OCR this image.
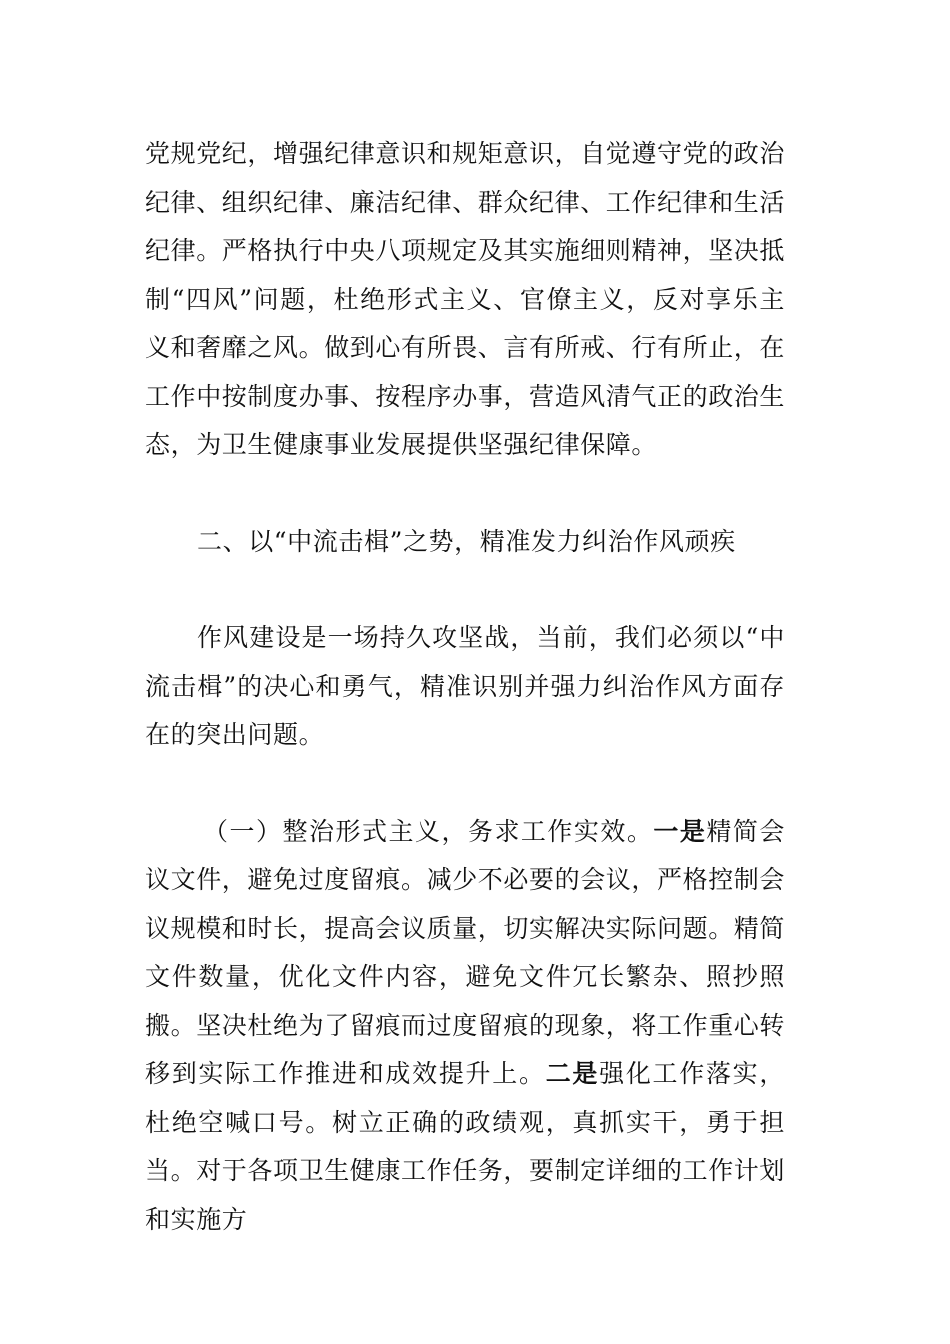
党规党纪，增强纪律意识和规矩意识，自觉遵守党的政治纪律、组织纪律、廉洁纪律、群众纪律、工作纪律和生活纪律。严格执行中央八项规定及其实施细则精神，坚决抵制“四风”问题，杜绝形式主义、官僚主义，反对享乐主义和奢靡之风。做到心有所畏、言有所戒、行有所止，在工作中按制度办事、按程序办事，营造风清气正的政治生态，为卫生健康事业发展提供坚强纪律保障。

二、以“中流击楫”之势，精准发力纠治作风顽疾

作风建设是一场持久攻坚战，当前，我们必须以“中流击楫”的决心和勇气，精准识别并强力纠治作风方面存在的突出问题。

（一）整治形式主义，务求工作实效。一是精简会议文件，避免过度留痕。减少不必要的会议，严格控制会议规模和时长，提高会议质量，切实解决实际问题。精简文件数量，优化文件内容，避免文件冗长繁杂、照抄照搬。坚决杜绝为了留痕而过度留痕的现象，将工作重心转移到实际工作推进和成效提升上。二是强化工作落实，杜绝空喊口号。树立正确的政绩观，真抓实干，勇于担当。对于各项卫生健康工作任务，要制定详细的工作计划和实施方
